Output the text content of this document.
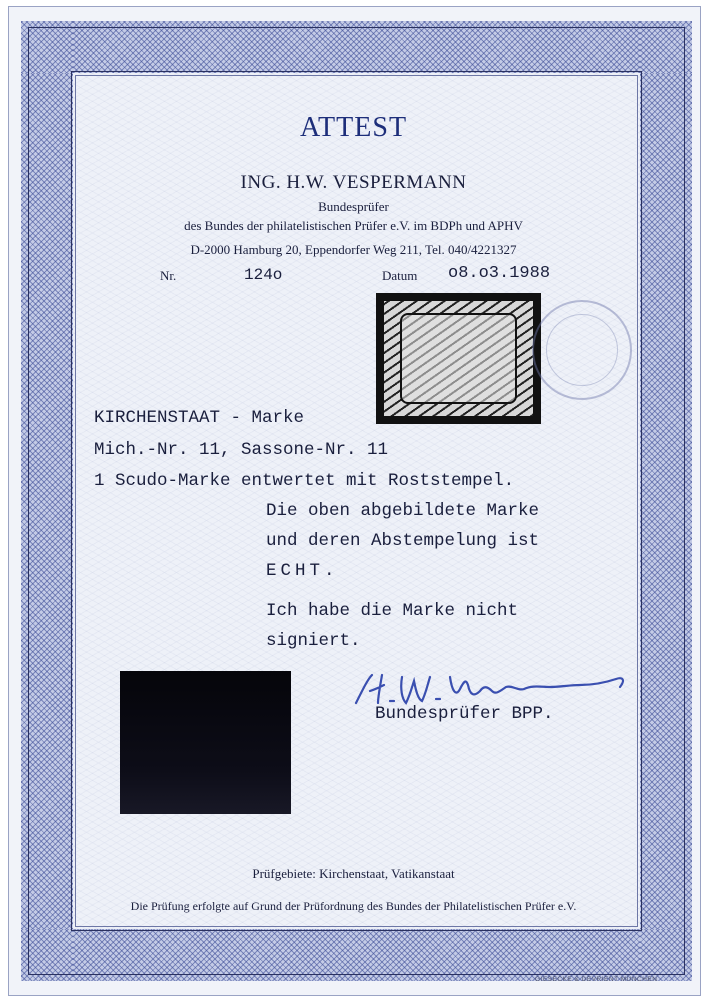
ATTEST
ING. H.W. VESPERMANN
Bundesprüfer
des Bundes der philatelistischen Prüfer e.V. im BDPh und APHV
D-2000 Hamburg 20, Eppendorfer Weg 211, Tel. 040/4221327
Nr.	124o	Datum o8.o3.1988
KIRCHENSTAAT - Marke
Mich.-Nr. 11, Sassone-Nr. 11
1 Scudo-Marke entwertet mit Roststempel.
Die oben abgebildete Marke
und deren Abstempelung ist
ECHT.
Ich habe die Marke nicht
signiert.
Bundesprüfer BPP.
Prüfgebiete: Kirchenstaat, Vatikanstaat
Die Prüfung erfolgte auf Grund der Prüfordnung des Bundes der Philatelistischen Prüfer e.V.
GIESECKE & DEVRIENT MÜNCHEN
